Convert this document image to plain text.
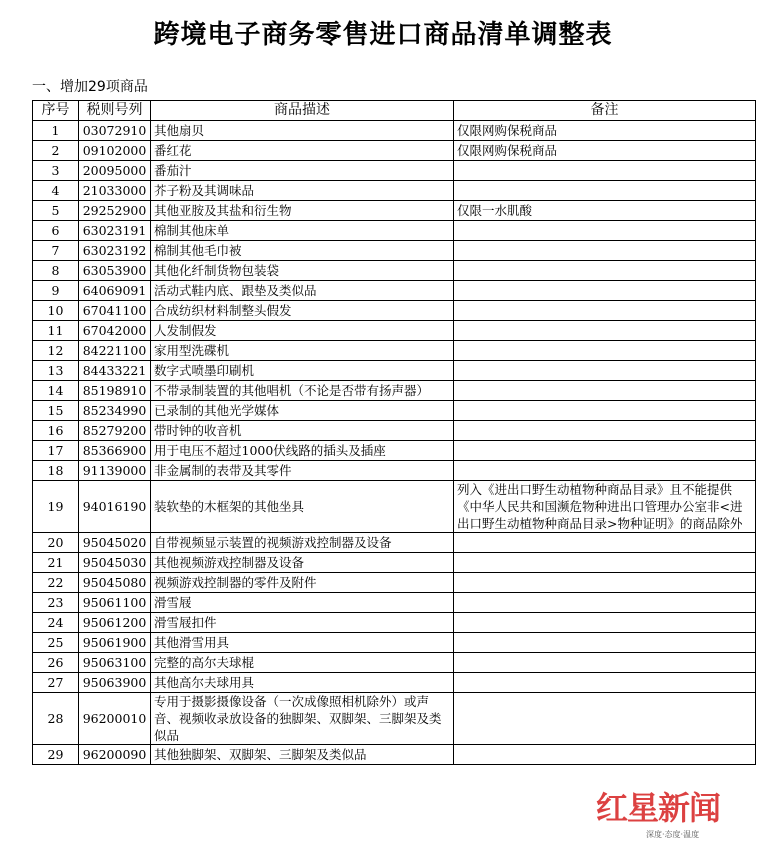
跨境电子商务零售进口商品清单调整表
一、增加29项商品
序号	税则号列	商品描述	备注
1	03072910	其他扇贝	仅限网购保税商品
2	09102000	番红花	仅限网购保税商品
3	20095000	番茄汁	
4	21033000	芥子粉及其调味品	
5	29252900	其他亚胺及其盐和衍生物	仅限一水肌酸
6	63023191	棉制其他床单	
7	63023192	棉制其他毛巾被	
8	63053900	其他化纤制货物包装袋	
9	64069091	活动式鞋内底、跟垫及类似品	
10	67041100	合成纺织材料制整头假发	
11	67042000	人发制假发	
12	84221100	家用型洗碟机	
13	84433221	数字式喷墨印刷机	
14	85198910	不带录制装置的其他唱机（不论是否带有扬声器）	
15	85234990	已录制的其他光学媒体	
16	85279200	带时钟的收音机	
17	85366900	用于电压不超过1000伏线路的插头及插座	
18	91139000	非金属制的表带及其零件	
19	94016190	装软垫的木框架的其他坐具	列入《进出口野生动植物种商品目录》且不能提供《中华人民共和国濒危物种进出口管理办公室非<进出口野生动植物种商品目录>物种证明》的商品除外
20	95045020	自带视频显示装置的视频游戏控制器及设备	
21	95045030	其他视频游戏控制器及设备	
22	95045080	视频游戏控制器的零件及附件	
23	95061100	滑雪屐	
24	95061200	滑雪屐扣件	
25	95061900	其他滑雪用具	
26	95063100	完整的高尔夫球棍	
27	95063900	其他高尔夫球用具	
28	96200010	专用于摄影摄像设备（一次成像照相机除外）或声音、视频收录放设备的独脚架、双脚架、三脚架及类似品	
29	96200090	其他独脚架、双脚架、三脚架及类似品	
红星新闻
深度·态度·温度
